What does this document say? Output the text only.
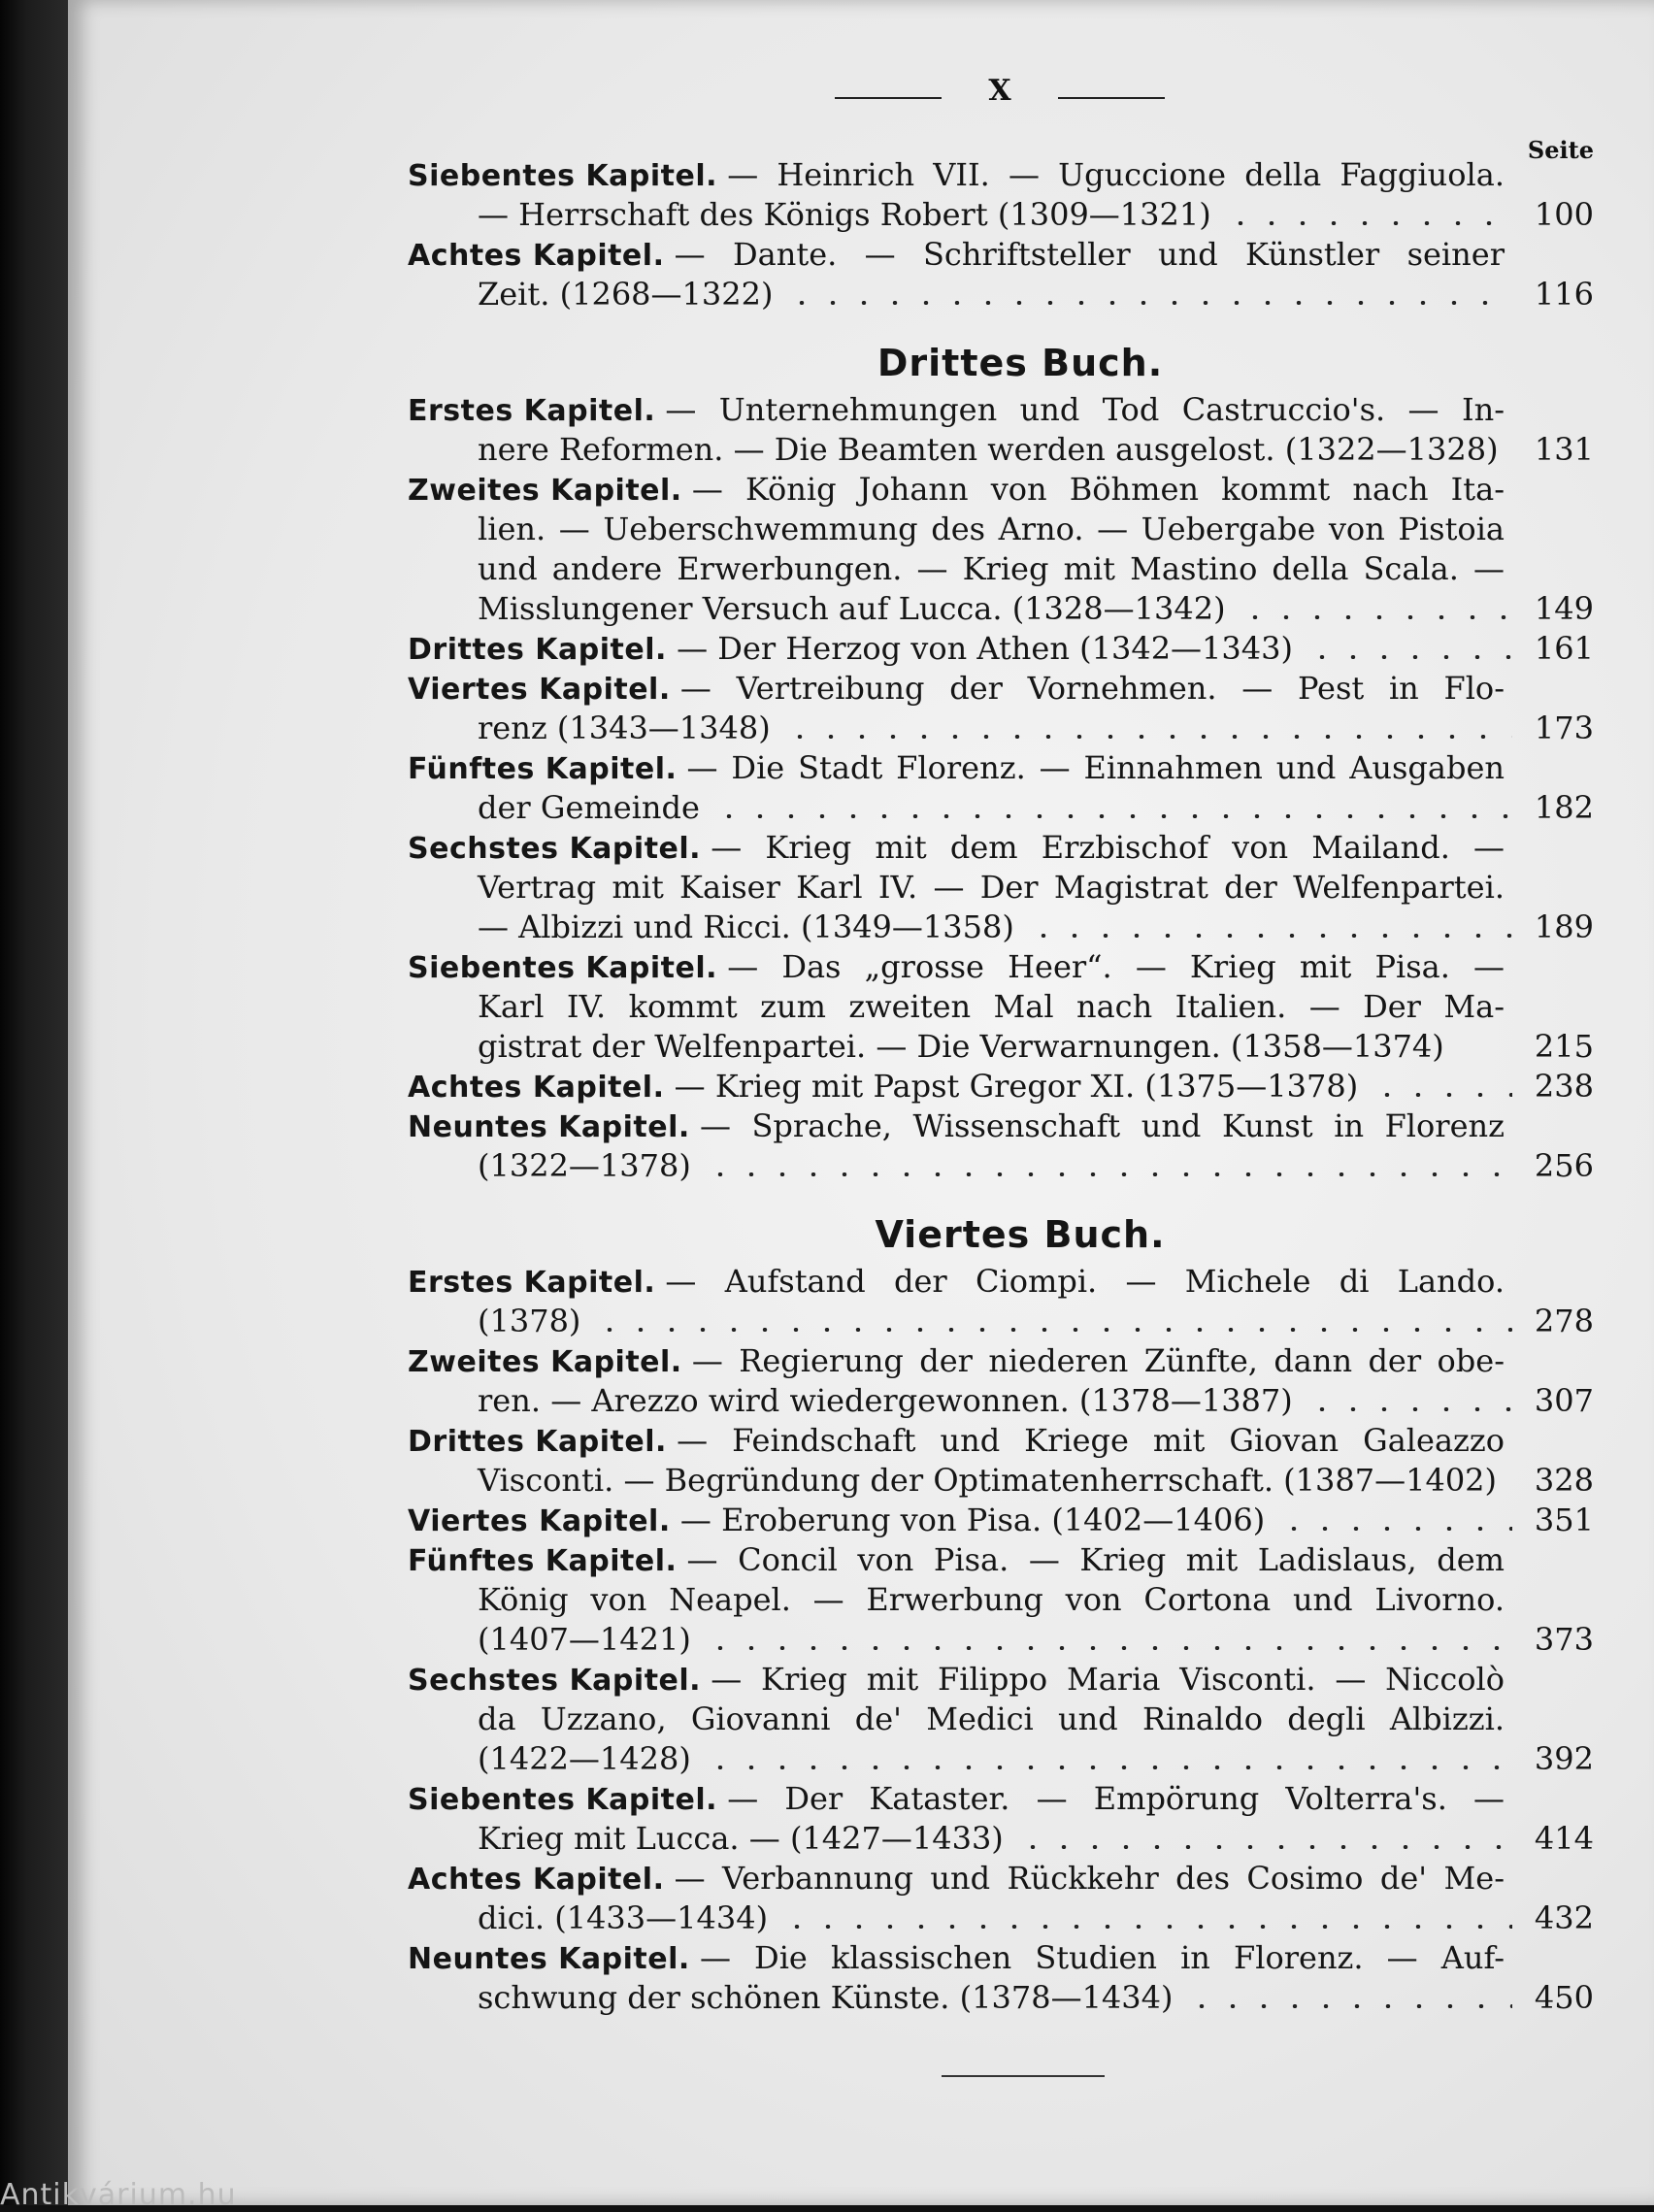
X
Seite
Siebentes Kapitel.
— Heinrich VII. — Uguccione della Faggiuola.
— Herrschaft des Königs Robert (1309—1321)	100
Achtes Kapitel.
— Dante. — Schriftsteller und Künstler seiner
Zeit. (1268—1322)	116
Drittes Buch.
Erstes Kapitel.
— Unternehmungen und Tod Castruccio's. — In-
nere Reformen. — Die Beamten werden ausgelost. (1322—1328)	131
Zweites Kapitel.
— König Johann von Böhmen kommt nach Ita-
lien. — Ueberschwemmung des Arno. — Uebergabe von Pistoia
und andere Erwerbungen. — Krieg mit Mastino della Scala. —
Misslungener Versuch auf Lucca. (1328—1342)	149
Drittes Kapitel.
— Der Herzog von Athen (1342—1343)	161
Viertes Kapitel.
— Vertreibung der Vornehmen. — Pest in Flo-
renz (1343—1348)	173
Fünftes Kapitel.
— Die Stadt Florenz. — Einnahmen und Ausgaben
der Gemeinde	182
Sechstes Kapitel.
— Krieg mit dem Erzbischof von Mailand. —
Vertrag mit Kaiser Karl IV. — Der Magistrat der Welfenpartei.
— Albizzi und Ricci. (1349—1358)	189
Siebentes Kapitel.
— Das „grosse Heer“. — Krieg mit Pisa. —
Karl IV. kommt zum zweiten Mal nach Italien. — Der Ma-
gistrat der Welfenpartei. — Die Verwarnungen. (1358—1374)	215
Achtes Kapitel.
— Krieg mit Papst Gregor XI. (1375—1378)	238
Neuntes Kapitel.
— Sprache, Wissenschaft und Kunst in Florenz
(1322—1378)	256
Viertes Buch.
Erstes Kapitel.
— Aufstand der Ciompi. — Michele di Lando.
(1378)	278
Zweites Kapitel.
— Regierung der niederen Zünfte, dann der obe-
ren. — Arezzo wird wiedergewonnen. (1378—1387)	307
Drittes Kapitel.
— Feindschaft und Kriege mit Giovan Galeazzo
Visconti. — Begründung der Optimatenherrschaft. (1387—1402)	328
Viertes Kapitel.
— Eroberung von Pisa. (1402—1406)	351
Fünftes Kapitel.
— Concil von Pisa. — Krieg mit Ladislaus, dem
König von Neapel. — Erwerbung von Cortona und Livorno.
(1407—1421)	373
Sechstes Kapitel.
— Krieg mit Filippo Maria Visconti. — Niccolò
da Uzzano, Giovanni de' Medici und Rinaldo degli Albizzi.
(1422—1428)	392
Siebentes Kapitel.
— Der Kataster. — Empörung Volterra's. —
Krieg mit Lucca. — (1427—1433)	414
Achtes Kapitel.
— Verbannung und Rückkehr des Cosimo de' Me-
dici. (1433—1434)	432
Neuntes Kapitel.
— Die klassischen Studien in Florenz. — Auf-
schwung der schönen Künste. (1378—1434)	450
Antikvárium.hu
